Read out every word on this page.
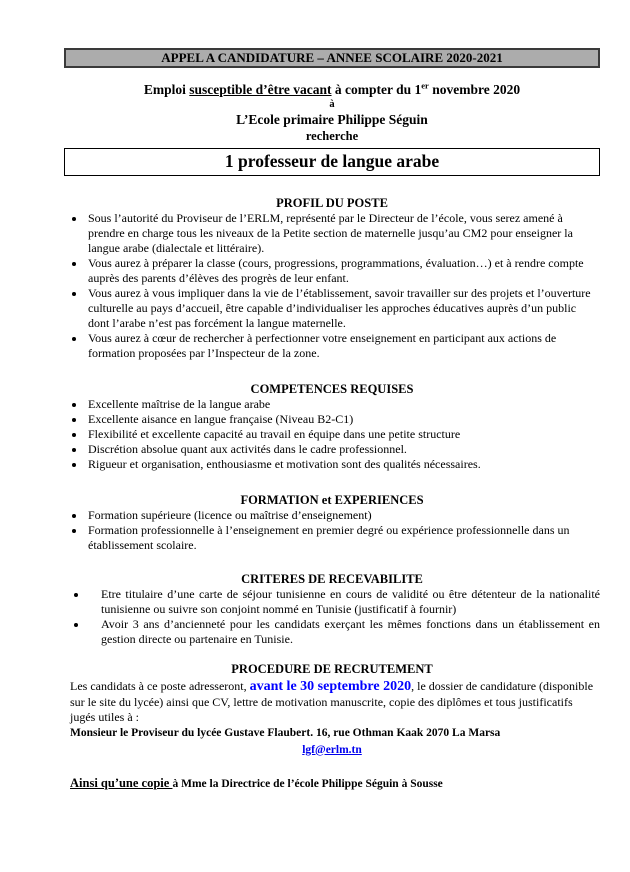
APPEL A CANDIDATURE – ANNEE SCOLAIRE 2020-2021
Emploi susceptible d’être vacant à compter du 1er novembre 2020
à
L’Ecole primaire Philippe Séguin
recherche
1 professeur de langue arabe
PROFIL DU POSTE
• Sous l’autorité du Proviseur de l’ERLM, représenté par le Directeur de l’école, vous serez amené à prendre en charge tous les niveaux de la Petite section de maternelle jusqu’au CM2 pour enseigner la langue arabe (dialectale et littéraire).
• Vous aurez à préparer la classe (cours, progressions, programmations, évaluation…) et à rendre compte auprès des parents d’élèves des progrès de leur enfant.
• Vous aurez à vous impliquer dans la vie de l’établissement, savoir travailler sur des projets et l’ouverture culturelle au pays d’accueil, être capable d’individualiser les approches éducatives auprès d’un public dont l’arabe n’est pas forcément la langue maternelle.
• Vous aurez à cœur de rechercher à perfectionner votre enseignement en participant aux actions de formation proposées par l’Inspecteur de la zone.
COMPETENCES REQUISES
• Excellente maîtrise de la langue arabe
• Excellente aisance en langue française (Niveau B2-C1)
• Flexibilité et excellente capacité au travail en équipe dans une petite structure
• Discrétion absolue quant aux activités dans le cadre professionnel.
• Rigueur et organisation, enthousiasme et motivation sont des qualités nécessaires.
FORMATION et EXPERIENCES
• Formation supérieure (licence ou maîtrise d’enseignement)
• Formation professionnelle à l’enseignement en premier degré ou expérience professionnelle dans un établissement scolaire.
CRITERES DE RECEVABILITE
• Etre titulaire d’une carte de séjour tunisienne en cours de validité ou être détenteur de la nationalité tunisienne ou suivre son conjoint nommé en Tunisie (justificatif à fournir)
• Avoir 3 ans d’ancienneté pour les candidats exerçant les mêmes fonctions dans un établissement en gestion directe ou partenaire en Tunisie.
PROCEDURE DE RECRUTEMENT
Les candidats à ce poste adresseront, avant le 30 septembre 2020, le dossier de candidature (disponible sur le site du lycée) ainsi que CV, lettre de motivation manuscrite, copie des diplômes et tous justificatifs jugés utiles à :
Monsieur le Proviseur du lycée Gustave Flaubert. 16, rue Othman Kaak 2070 La Marsa
lgf@erlm.tn
Ainsi qu’une copie à Mme la Directrice de l’école Philippe Séguin à Sousse
